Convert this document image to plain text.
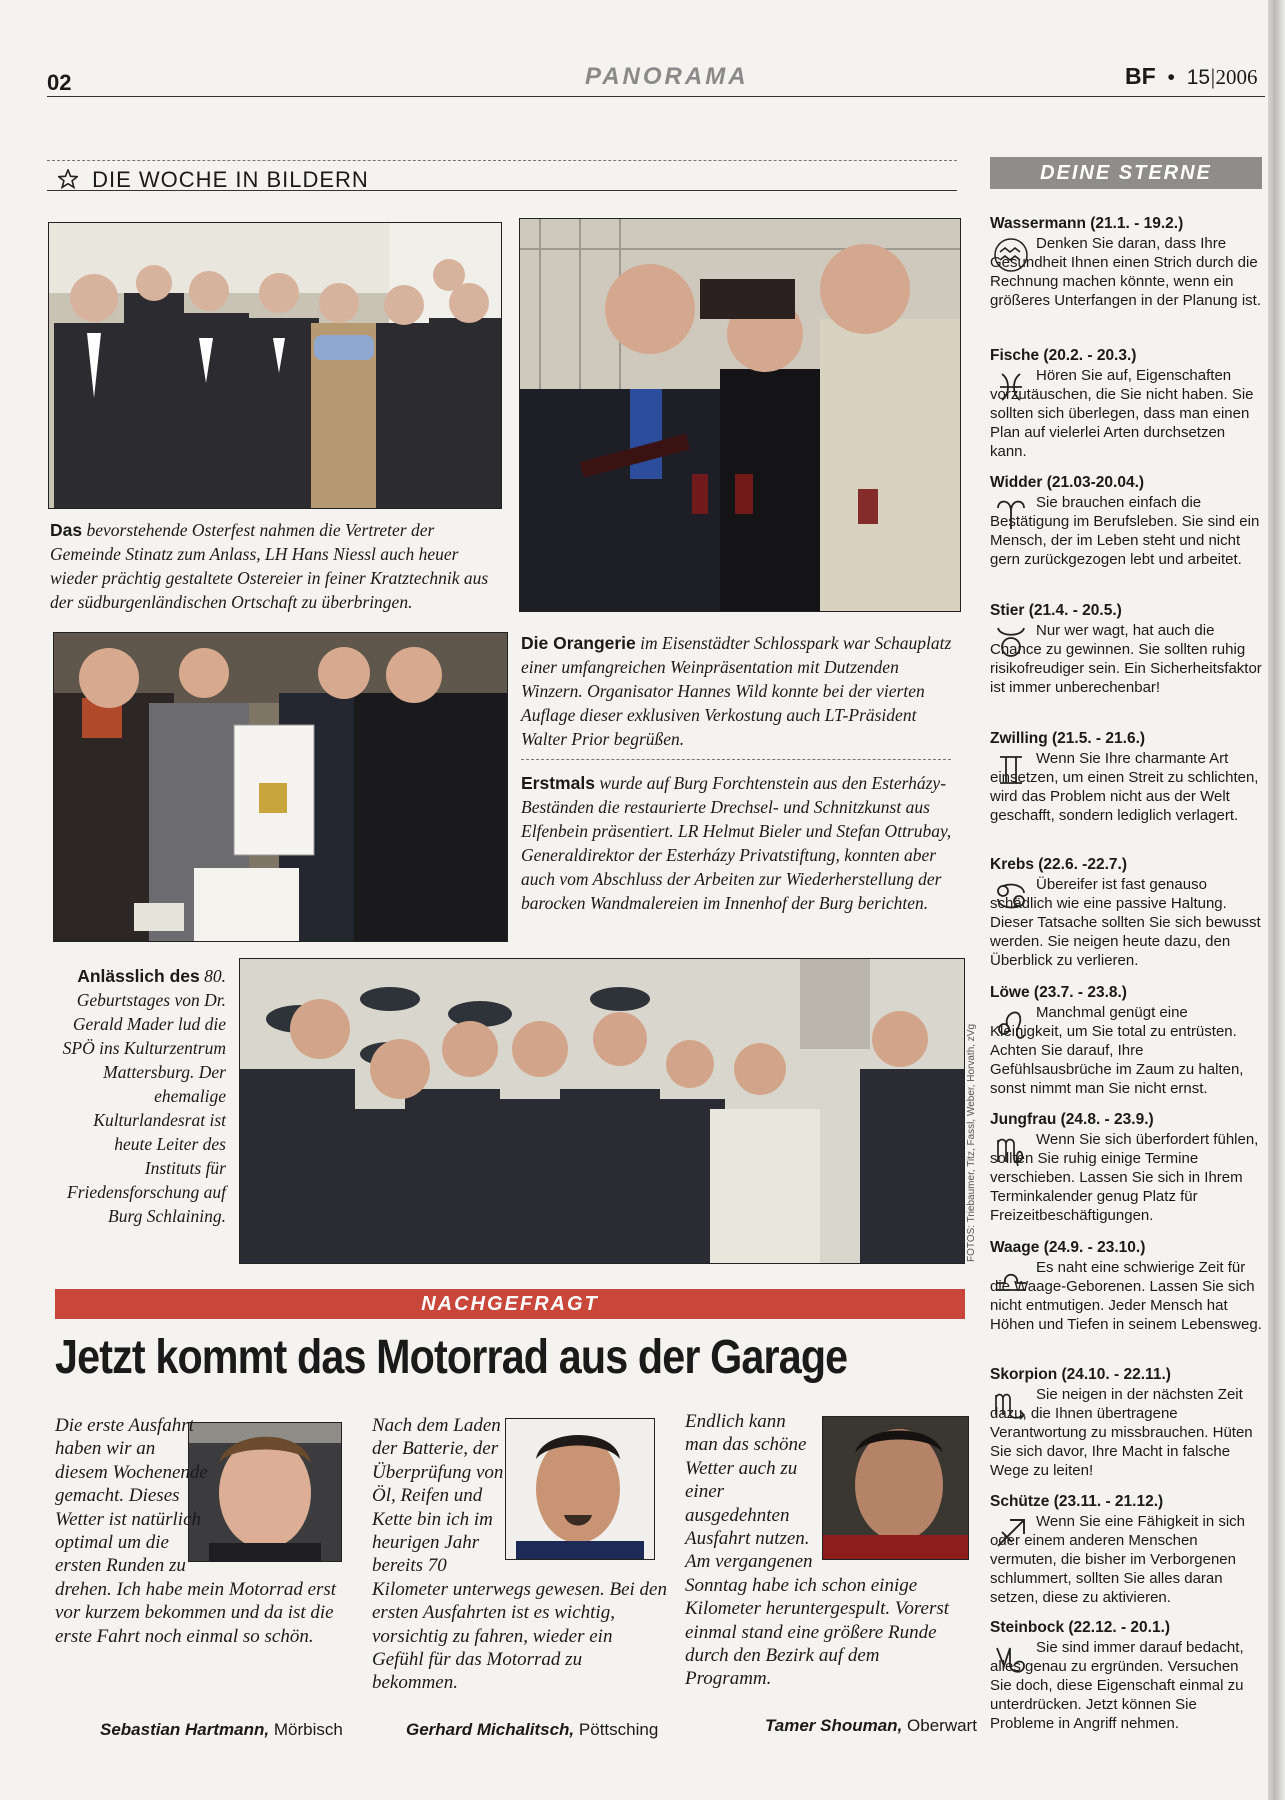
02	PANORAMA	BF • 15|2006
DIE WOCHE IN BILDERN
Das bevorstehende Osterfest nahmen die Vertreter der Gemeinde Stinatz zum Anlass, LH Hans Niessl auch heuer wieder prächtig gestaltete Ostereier in feiner Kratztechnik aus der südburgenländischen Ortschaft zu überbringen.
Die Orangerie im Eisenstädter Schlosspark war Schauplatz einer umfangreichen Weinpräsentation mit Dutzenden Winzern. Organisator Hannes Wild konnte bei der vierten Auflage dieser exklusiven Verkostung auch LT-Präsident Walter Prior begrüßen.
Erstmals wurde auf Burg Forchtenstein aus den Esterházy-Beständen die restaurierte Drechsel- und Schnitzkunst aus Elfenbein präsentiert. LR Helmut Bieler und Stefan Ottrubay, Generaldirektor der Esterházy Privatstiftung, konnten aber auch vom Abschluss der Arbeiten zur Wiederherstellung der barocken Wandmalereien im Innenhof der Burg berichten.
Anlässlich des 80. Geburtstages von Dr. Gerald Mader lud die SPÖ ins Kulturzentrum Mattersburg. Der ehemalige Kulturlandesrat ist heute Leiter des Instituts für Friedensforschung auf Burg Schlaining.
DEINE STERNE

Wassermann (21.1. - 19.2.)

Denken Sie daran, dass Ihre Gesundheit Ihnen einen Strich durch die Rechnung machen könnte, wenn ein größeres Unterfangen in der Planung ist.

Fische (20.2. - 20.3.)

Hören Sie auf, Eigenschaften vorzutäuschen, die Sie nicht haben. Sie sollten sich überlegen, dass man einen Plan auf vielerlei Arten durchsetzen kann.

Widder (21.03-20.04.)

Sie brauchen einfach die Bestätigung im Berufsleben. Sie sind ein Mensch, der im Leben steht und nicht gern zurückgezogen lebt und arbeitet.

Stier (21.4. - 20.5.)

Nur wer wagt, hat auch die Chance zu gewinnen. Sie sollten ruhig risikofreudiger sein. Ein Sicherheitsfaktor ist immer unberechenbar!

Zwilling (21.5. - 21.6.)

Wenn Sie Ihre charmante Art einsetzen, um einen Streit zu schlichten, wird das Problem nicht aus der Welt geschafft, sondern lediglich verlagert.

Krebs (22.6. -22.7.)

Übereifer ist fast genauso schädlich wie eine passive Haltung. Dieser Tatsache sollten Sie sich bewusst werden. Sie neigen heute dazu, den Überblick zu verlieren.

Löwe (23.7. - 23.8.)

Manchmal genügt eine Kleinigkeit, um Sie total zu entrüsten. Achten Sie darauf, Ihre Gefühlsausbrüche im Zaum zu halten, sonst nimmt man Sie nicht ernst.

Jungfrau (24.8. - 23.9.)

Wenn Sie sich überfordert fühlen, sollten Sie ruhig einige Termine verschieben. Lassen Sie sich in Ihrem Terminkalender genug Platz für Freizeitbeschäftigungen.

Waage (24.9. - 23.10.)

Es naht eine schwierige Zeit für die Waage-Geborenen. Lassen Sie sich nicht entmutigen. Jeder Mensch hat Höhen und Tiefen in seinem Lebensweg.

Skorpion (24.10. - 22.11.)

Sie neigen in der nächsten Zeit dazu, die Ihnen übertragene Verantwortung zu missbrauchen. Hüten Sie sich davor, Ihre Macht in falsche Wege zu leiten!

Schütze (23.11. - 21.12.)

Wenn Sie eine Fähigkeit in sich oder einem anderen Menschen vermuten, die bisher im Verborgenen schlummert, sollten Sie alles daran setzen, diese zu aktivieren.

Steinbock (22.12. - 20.1.)

Sie sind immer darauf bedacht, alles genau zu ergründen. Versuchen Sie doch, diese Eigenschaft einmal zu unterdrücken. Jetzt können Sie Probleme in Angriff nehmen.

NACHGEFRAGT
Jetzt kommt das Motorrad aus der Garage
Die erste Ausfahrt haben wir an diesem Wochenende gemacht. Dieses Wetter ist natürlich optimal um die ersten Runden zu drehen. Ich habe mein Motorrad erst vor kurzem bekommen und da ist die erste Fahrt noch einmal so schön.
Sebastian Hartmann, Mörbisch
Nach dem Laden der Batterie, der Überprüfung von Öl, Reifen und Kette bin ich im heurigen Jahr bereits 70 Kilometer unterwegs gewesen. Bei den ersten Ausfahrten ist es wichtig, vorsichtig zu fahren, wieder ein Gefühl für das Motorrad zu bekommen.
Gerhard Michalitsch, Pöttsching
Endlich kann man das schöne Wetter auch zu einer ausgedehnten Ausfahrt nutzen. Am vergangenen Sonntag habe ich schon einige Kilometer heruntergespult. Vorerst einmal stand eine größere Runde durch den Bezirk auf dem Programm.
Tamer Shouman, Oberwart
